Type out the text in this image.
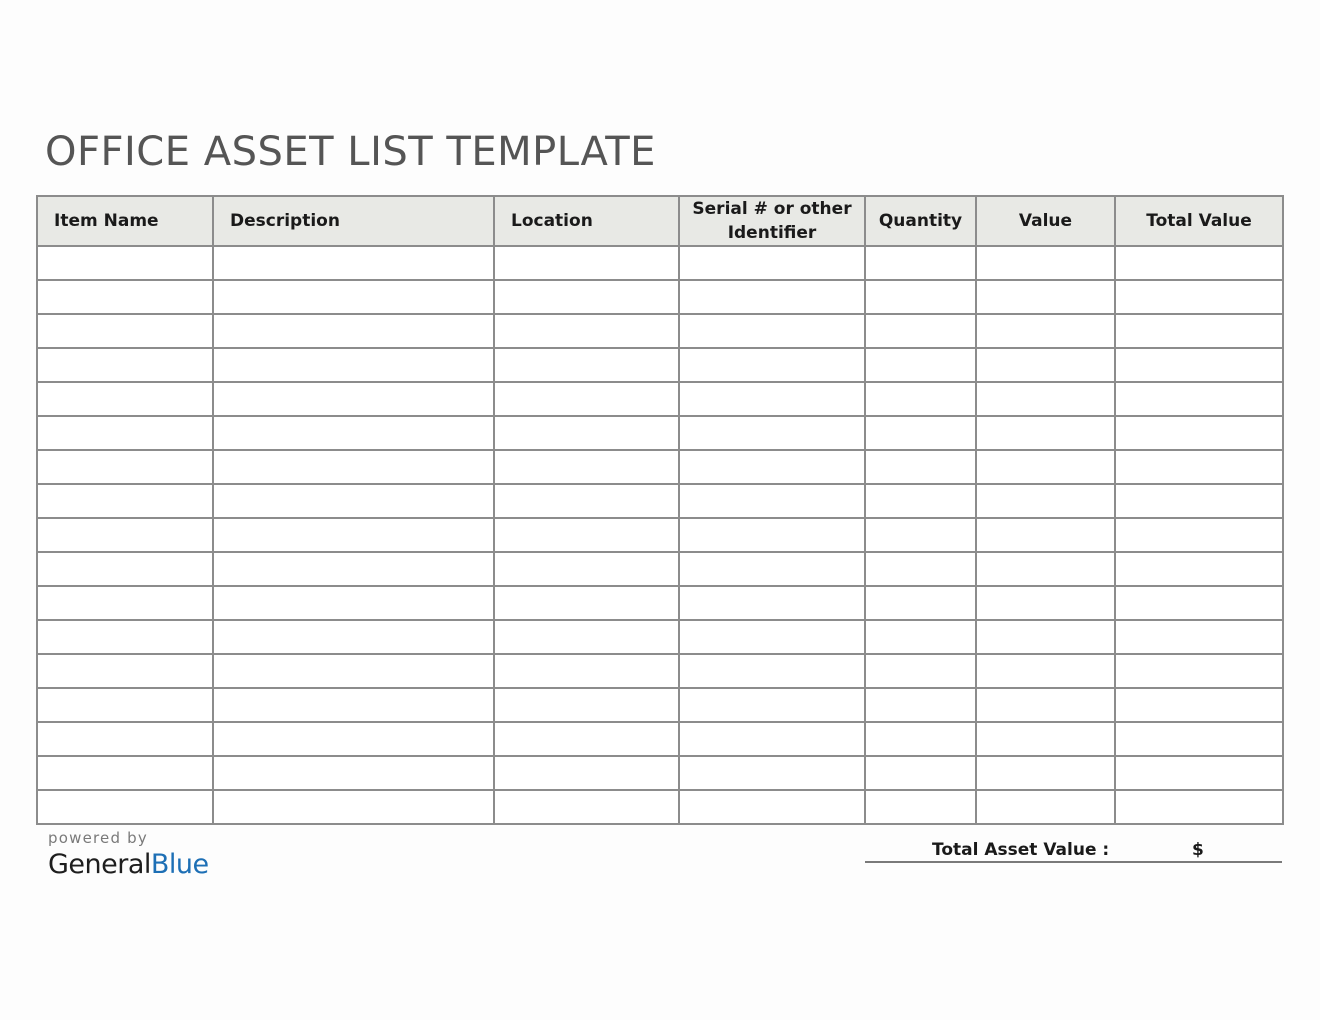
OFFICE ASSET LIST TEMPLATE
Item Name	Description	Location	Serial # or other Identifier	Quantity	Value	Total Value

powered by
GeneralBlue	Total Asset Value :	$
